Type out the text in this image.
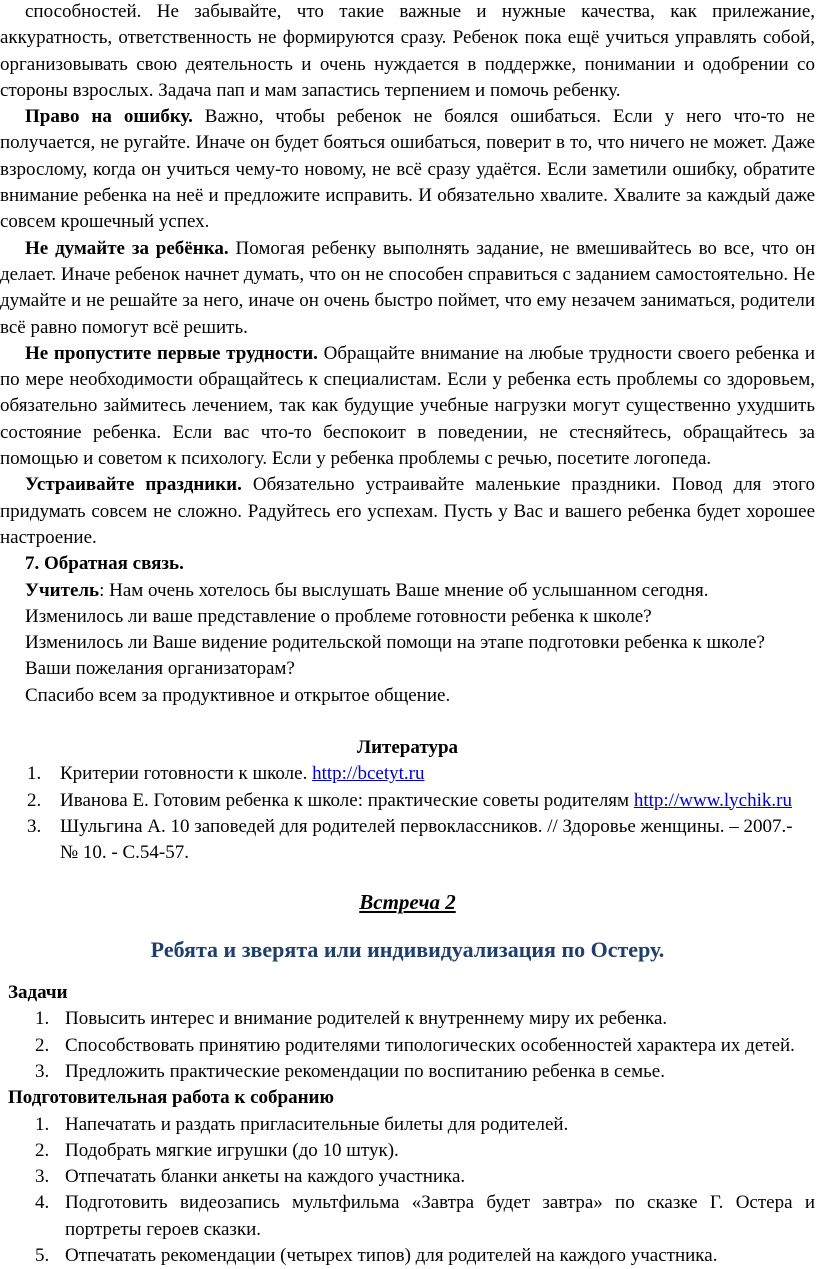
способностей. Не забывайте, что такие важные и нужные качества, как прилежание, аккуратность, ответственность не формируются сразу. Ребенок пока ещё учиться управлять собой, организовывать свою деятельность и очень нуждается в поддержке, понимании и одобрении со стороны взрослых. Задача пап и мам запастись терпением и помочь ребенку.

Право на ошибку. Важно, чтобы ребенок не боялся ошибаться. Если у него что-то не получается, не ругайте. Иначе он будет бояться ошибаться, поверит в то, что ничего не может. Даже взрослому, когда он учиться чему-то новому, не всё сразу удаётся. Если заметили ошибку, обратите внимание ребенка на неё и предложите исправить. И обязательно хвалите. Хвалите за каждый даже совсем крошечный успех.

Не думайте за ребёнка. Помогая ребенку выполнять задание, не вмешивайтесь во все, что он делает. Иначе ребенок начнет думать, что он не способен справиться с заданием самостоятельно. Не думайте и не решайте за него, иначе он очень быстро поймет, что ему незачем заниматься, родители всё равно помогут всё решить.

Не пропустите первые трудности. Обращайте внимание на любые трудности своего ребенка и по мере необходимости обращайтесь к специалистам. Если у ребенка есть проблемы со здоровьем, обязательно займитесь лечением, так как будущие учебные нагрузки могут существенно ухудшить состояние ребенка. Если вас что-то беспокоит в поведении, не стесняйтесь, обращайтесь за помощью и советом к психологу. Если у ребенка проблемы с речью, посетите логопеда.

Устраивайте праздники. Обязательно устраивайте маленькие праздники. Повод для этого придумать совсем не сложно. Радуйтесь его успехам. Пусть у Вас и вашего ребенка будет хорошее настроение.

7. Обратная связь.
Учитель: Нам очень хотелось бы выслушать Ваше мнение об услышанном сегодня.
Изменилось ли ваше представление о проблеме готовности ребенка к школе?
Изменилось ли Ваше видение родительской помощи на этапе подготовки ребенка к школе?
Ваши пожелания организаторам?
Спасибо всем за продуктивное и открытое общение.
Литература
1. Критерии готовности к школе. http://bcetyt.ru
2. Иванова Е. Готовим ребенка к школе: практические советы родителям http://www.lychik.ru
3. Шульгина А. 10 заповедей для родителей первоклассников. // Здоровье женщины. – 2007.- № 10. - С.54-57.
Встреча 2
Ребята и зверята или индивидуализация по Остеру.
Задачи
1. Повысить интерес и внимание родителей к внутреннему миру их ребенка.
2. Способствовать принятию родителями типологических особенностей характера их детей.
3. Предложить практические рекомендации по воспитанию ребенка в семье.
Подготовительная работа к собранию
1. Напечатать и раздать пригласительные билеты для родителей.
2. Подобрать мягкие игрушки (до 10 штук).
3. Отпечатать бланки анкеты на каждого участника.
4. Подготовить видеозапись мультфильма «Завтра будет завтра» по сказке Г. Остера и портреты героев сказки.
5. Отпечатать рекомендации (четырех типов) для родителей на каждого участника.
